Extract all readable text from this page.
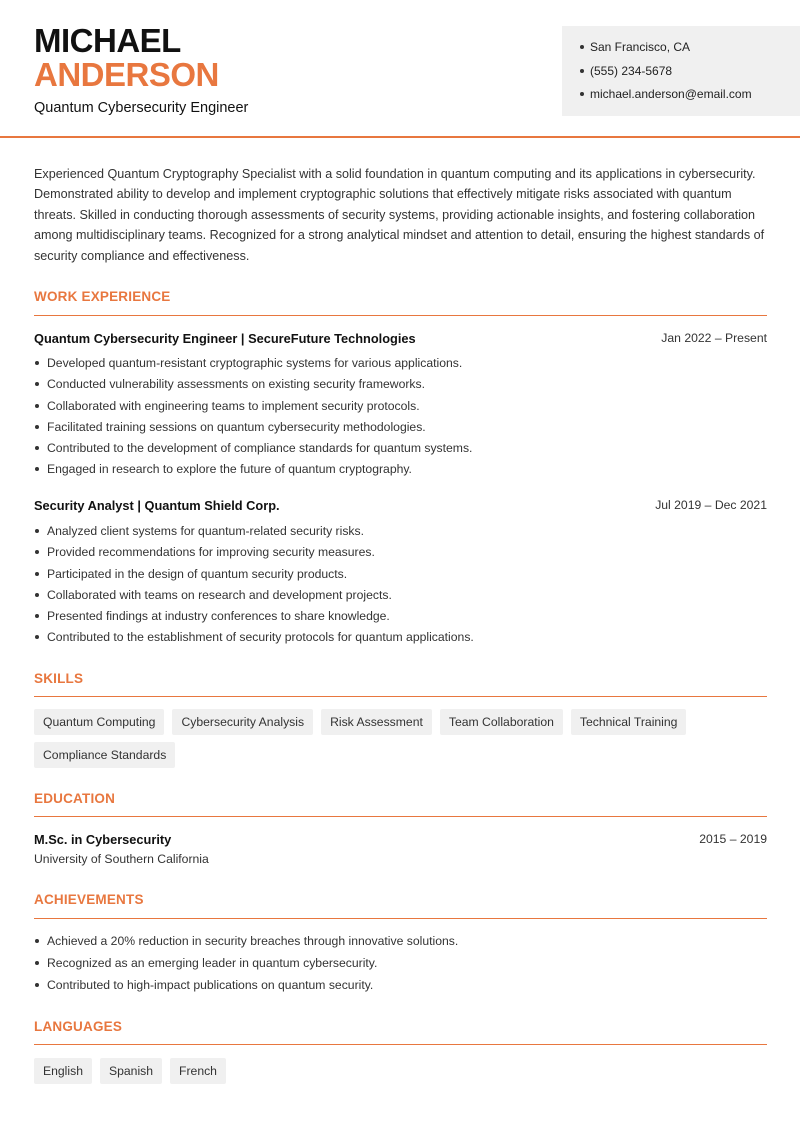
MICHAEL
ANDERSON
Quantum Cybersecurity Engineer
San Francisco, CA
(555) 234-5678
michael.anderson@email.com

Experienced Quantum Cryptography Specialist with a solid foundation in quantum computing and its applications in cybersecurity. Demonstrated ability to develop and implement cryptographic solutions that effectively mitigate risks associated with quantum threats. Skilled in conducting thorough assessments of security systems, providing actionable insights, and fostering collaboration among multidisciplinary teams. Recognized for a strong analytical mindset and attention to detail, ensuring the highest standards of security compliance and effectiveness.

WORK EXPERIENCE
Quantum Cybersecurity Engineer | SecureFuture Technologies	Jan 2022 – Present
Developed quantum-resistant cryptographic systems for various applications.
Conducted vulnerability assessments on existing security frameworks.
Collaborated with engineering teams to implement security protocols.
Facilitated training sessions on quantum cybersecurity methodologies.
Contributed to the development of compliance standards for quantum systems.
Engaged in research to explore the future of quantum cryptography.
Security Analyst | Quantum Shield Corp.	Jul 2019 – Dec 2021
Analyzed client systems for quantum-related security risks.
Provided recommendations for improving security measures.
Participated in the design of quantum security products.
Collaborated with teams on research and development projects.
Presented findings at industry conferences to share knowledge.
Contributed to the establishment of security protocols for quantum applications.
SKILLS
Quantum Computing	Cybersecurity Analysis	Risk Assessment	Team Collaboration	Technical Training
Compliance Standards
EDUCATION
M.Sc. in Cybersecurity	2015 – 2019
University of Southern California
ACHIEVEMENTS
Achieved a 20% reduction in security breaches through innovative solutions.
Recognized as an emerging leader in quantum cybersecurity.
Contributed to high-impact publications on quantum security.
LANGUAGES
English	Spanish	French
